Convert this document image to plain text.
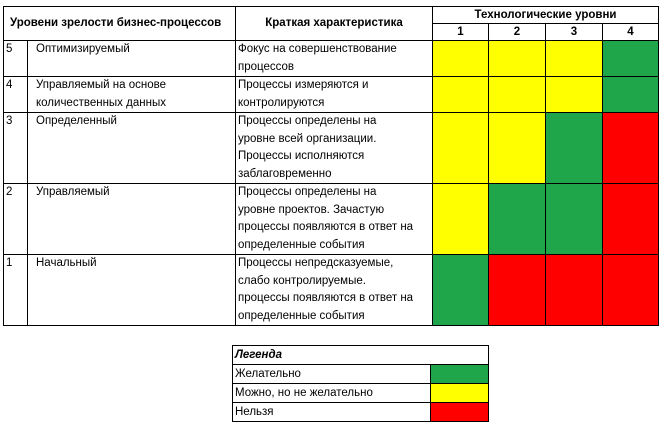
Уровени зрелости бизнес-процессов		Краткая характеристика	Технологические уровни			
			1	2	3	4
5	Оптимизируемый	Фокус на совершенствование
процессов				

4	Управляемый на основе количественных данных	Процессы измеряются и
контролируются				

3	Определенный	Процессы определены на
уровне всей организации.
Процессы исполняются
заблаговременно				

2	Управляемый	Процессы определены на
уровне проектов. Зачастую
процессы появляются в ответ на
определенные события				

1	Начальный	Процессы непредсказуемые,
слабо контролируемые.
процессы появляются в ответ на
определенные события				

Легенда	
Желательно	
Можно, но не желательно	
Нельзя	
